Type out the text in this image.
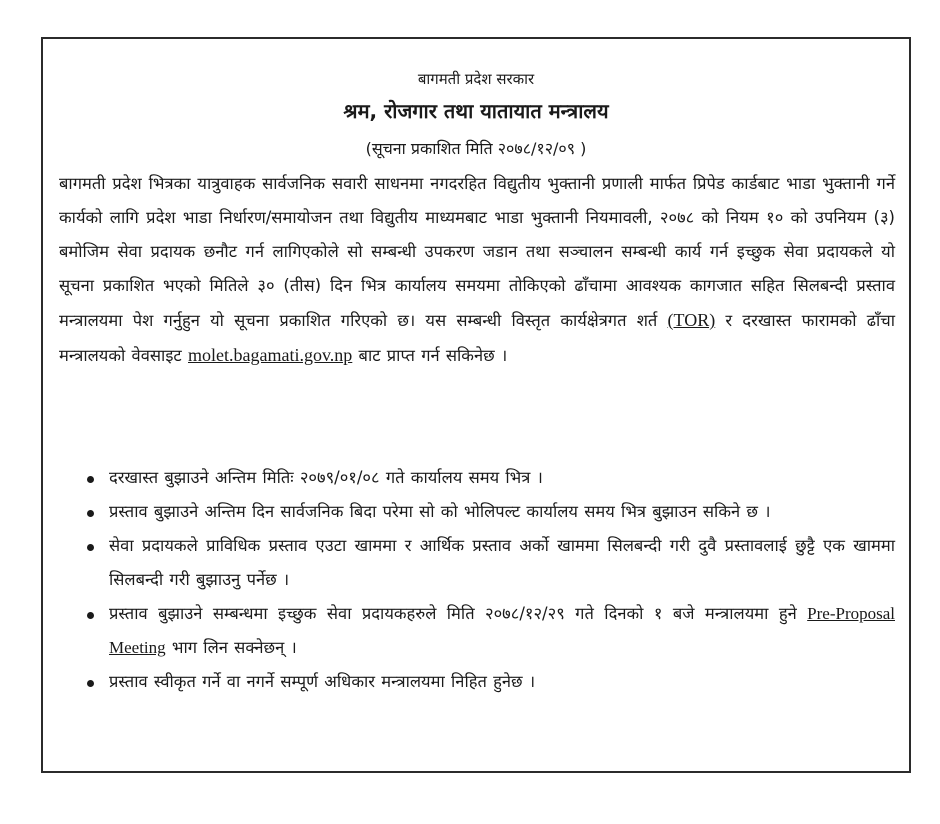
बागमती प्रदेश सरकार
श्रम, रोजगार तथा यातायात मन्त्रालय
(सूचना प्रकाशित मिति २०७८/१२/०९ )
बागमती प्रदेश भित्रका यात्रुवाहक सार्वजनिक सवारी साधनमा नगदरहित विद्युतीय भुक्तानी प्रणाली मार्फत प्रिपेड कार्डबाट भाडा भुक्तानी गर्ने कार्यको लागि प्रदेश भाडा निर्धारण/समायोजन तथा विद्युतीय माध्यमबाट भाडा भुक्तानी नियमावली, २०७८ को नियम १० को उपनियम (३) बमोजिम सेवा प्रदायक छनौट गर्न लागिएकोले सो सम्बन्धी उपकरण जडान तथा सञ्चालन सम्बन्धी कार्य गर्न इच्छुक सेवा प्रदायकले यो सूचना प्रकाशित भएको मितिले ३० (तीस) दिन भित्र कार्यालय समयमा तोकिएको ढाँचामा आवश्यक कागजात सहित सिलबन्दी प्रस्ताव मन्त्रालयमा पेश गर्नुहुन यो सूचना प्रकाशित गरिएको छ। यस सम्बन्धी विस्तृत कार्यक्षेत्रगत शर्त (TOR) र दरखास्त फारामको ढाँचा मन्त्रालयको वेवसाइट molet.bagamati.gov.np बाट प्राप्त गर्न सकिनेछ ।
दरखास्त बुझाउने अन्तिम मितिः २०७९/०१/०८ गते कार्यालय समय भित्र ।
प्रस्ताव बुझाउने अन्तिम दिन सार्वजनिक बिदा परेमा सो को भोलिपल्ट कार्यालय समय भित्र बुझाउन सकिने छ ।
सेवा प्रदायकले प्राविधिक प्रस्ताव एउटा खाममा र आर्थिक प्रस्ताव अर्को खाममा सिलबन्दी गरी दुवै प्रस्तावलाई छुट्टै एक खाममा सिलबन्दी गरी बुझाउनु पर्नेछ ।
प्रस्ताव बुझाउने सम्बन्धमा इच्छुक सेवा प्रदायकहरुले मिति २०७८/१२/२९ गते दिनको १ बजे मन्त्रालयमा हुने Pre-Proposal Meeting भाग लिन सक्नेछन् ।
प्रस्ताव स्वीकृत गर्ने वा नगर्ने सम्पूर्ण अधिकार मन्त्रालयमा निहित हुनेछ ।
